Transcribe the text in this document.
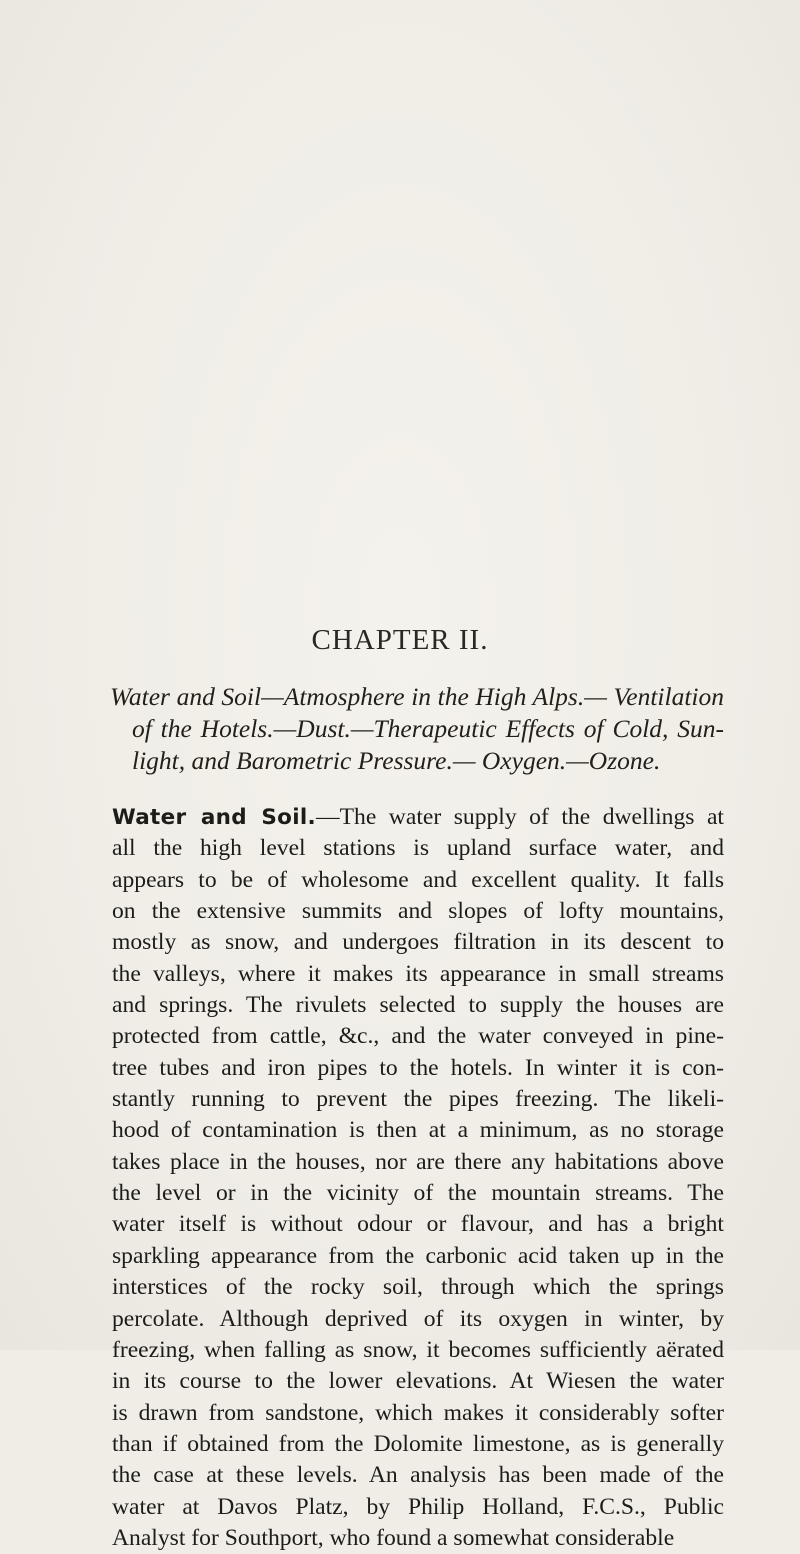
CHAPTER II.
Water and Soil—Atmosphere in the High Alps.— Ventilation
of the Hotels.—Dust.—Therapeutic Effects of Cold, Sun-
light, and Barometric Pressure.— Oxygen.—Ozone.
Water and Soil.—The water supply of the dwellings at
all the high level stations is upland surface water, and
appears to be of wholesome and excellent quality. It falls
on the extensive summits and slopes of lofty mountains,
mostly as snow, and undergoes filtration in its descent to
the valleys, where it makes its appearance in small streams
and springs. The rivulets selected to supply the houses are
protected from cattle, &c., and the water conveyed in pine-
tree tubes and iron pipes to the hotels. In winter it is con-
stantly running to prevent the pipes freezing. The likeli-
hood of contamination is then at a minimum, as no storage
takes place in the houses, nor are there any habitations above
the level or in the vicinity of the mountain streams. The
water itself is without odour or flavour, and has a bright
sparkling appearance from the carbonic acid taken up in the
interstices of the rocky soil, through which the springs
percolate. Although deprived of its oxygen in winter, by
freezing, when falling as snow, it becomes sufficiently aërated
in its course to the lower elevations. At Wiesen the water
is drawn from sandstone, which makes it considerably softer
than if obtained from the Dolomite limestone, as is generally
the case at these levels. An analysis has been made of the
water at Davos Platz, by Philip Holland, F.C.S., Public
Analyst for Southport, who found a somewhat considerable
